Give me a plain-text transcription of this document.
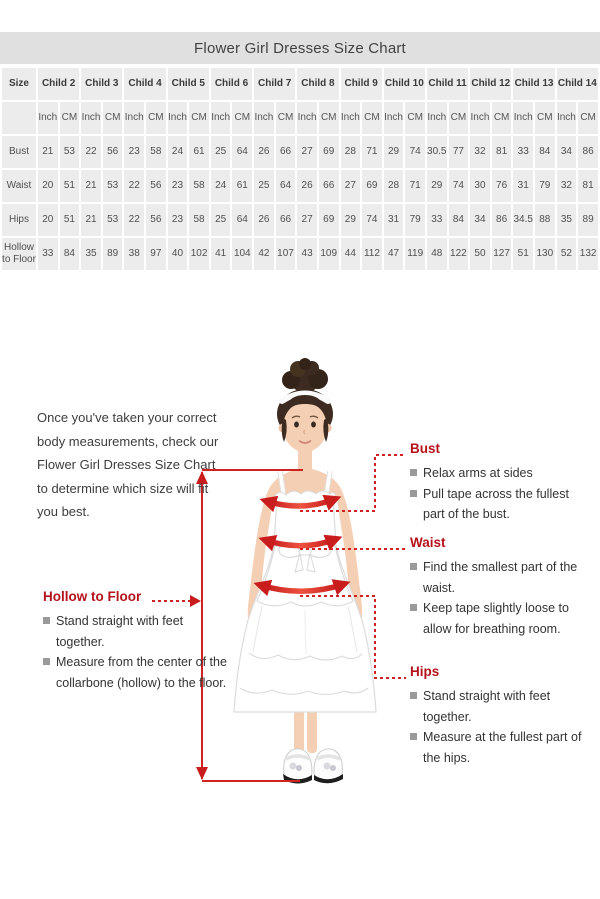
Flower Girl Dresses Size Chart
Size	Child 2		Child 3		Child 4		Child 5		Child 6		Child 7		Child 8		Child 9		Child 10		Child 11		Child 12		Child 13		Child 14	
	Inch	CM	Inch	CM	Inch	CM	Inch	CM	Inch	CM	Inch	CM	Inch	CM	Inch	CM	Inch	CM	Inch	CM	Inch	CM	Inch	CM	Inch	CM
Bust	21	53	22	56	23	58	24	61	25	64	26	66	27	69	28	71	29	74	30.5	77	32	81	33	84	34	86
Waist	20	51	21	53	22	56	23	58	24	61	25	64	26	66	27	69	28	71	29	74	30	76	31	79	32	81
Hips	20	51	21	53	22	56	23	58	25	64	26	66	27	69	29	74	31	79	33	84	34	86	34.5	88	35	89
Hollow to Floor	33	84	35	89	38	97	40	102	41	104	42	107	43	109	44	112	47	119	48	122	50	127	51	130	52	132
Once you've taken your correct body measurements, check our Flower Girl Dresses Size Chart to determine which size will fit you best.
Hollow to Floor
Stand straight with feet together.
Measure from the center of the collarbone (hollow) to the floor.
Bust
Relax arms at sides
Pull tape across the fullest part of the bust.
Waist
Find the smallest part of the waist.
Keep tape slightly loose to allow for breathing room.
Hips
Stand straight with feet together.
Measure at the fullest part of the hips.
